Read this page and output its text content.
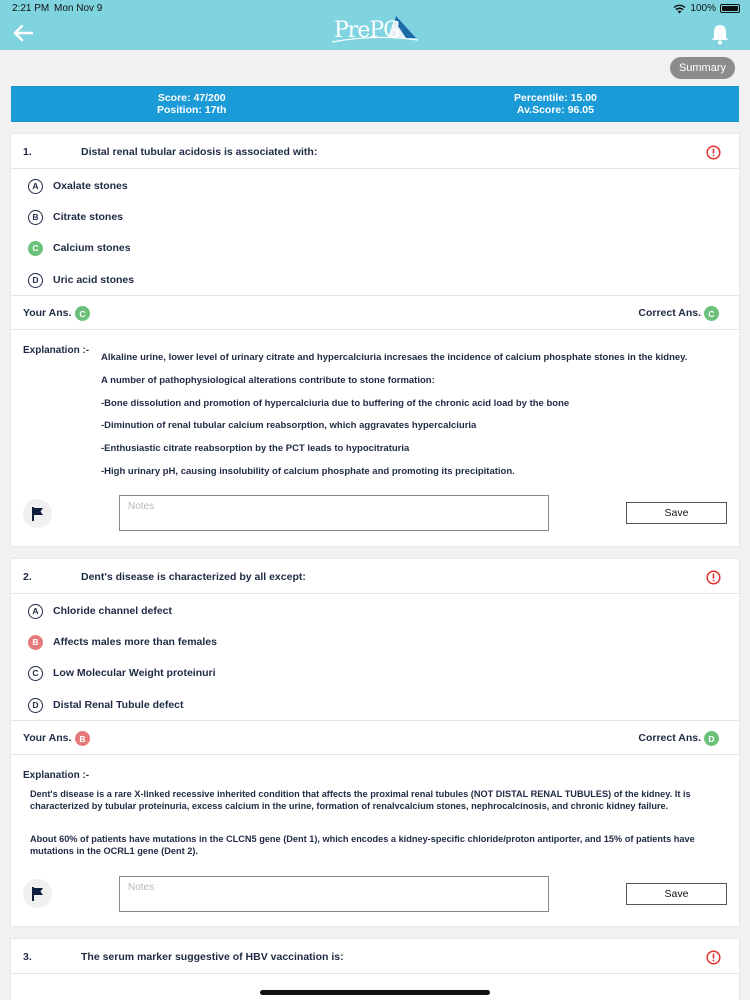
2:21 PM Mon Nov 9	100%
PrePG
Summary
Score: 47/200
Position: 17th
Percentile: 15.00
Av.Score: 96.05
1.	Distal renal tubular acidosis is associated with:
A	Oxalate stones
B	Citrate stones
C	Calcium stones
D	Uric acid stones
Your Ans. C	Correct Ans. C
Explanation :-
Alkaline urine, lower level of urinary citrate and hypercalciuria incresaes the incidence of calcium phosphate stones in the kidney.
A number of pathophysiological alterations contribute to stone formation:
-Bone dissolution and promotion of hypercalciuria due to buffering of the chronic acid load by the bone
-Diminution of renal tubular calcium reabsorption, which aggravates hypercalciuria
-Enthusiastic citrate reabsorption by the PCT leads to hypocitraturia
-High urinary pH, causing insolubility of calcium phosphate and promoting its precipitation.
Notes
Save
2.	Dent's disease is characterized by all except:
A	Chloride channel defect
B	Affects males more than females
C	Low Molecular Weight proteinuri
D	Distal Renal Tubule defect
Your Ans. B	Correct Ans. D
Explanation :-

Dent's disease is a rare X-linked recessive inherited condition that affects the proximal renal tubules (NOT DISTAL RENAL TUBULES) of the kidney. It is characterized by tubular proteinuria, excess calcium in the urine, formation of renalvcalcium stones, nephrocalcinosis, and chronic kidney failure.

About 60% of patients have mutations in the CLCN5 gene (Dent 1), which encodes a kidney-specific chloride/proton antiporter, and 15% of patients have mutations in the OCRL1 gene (Dent 2).

Notes
Save
3.	The serum marker suggestive of HBV vaccination is:
